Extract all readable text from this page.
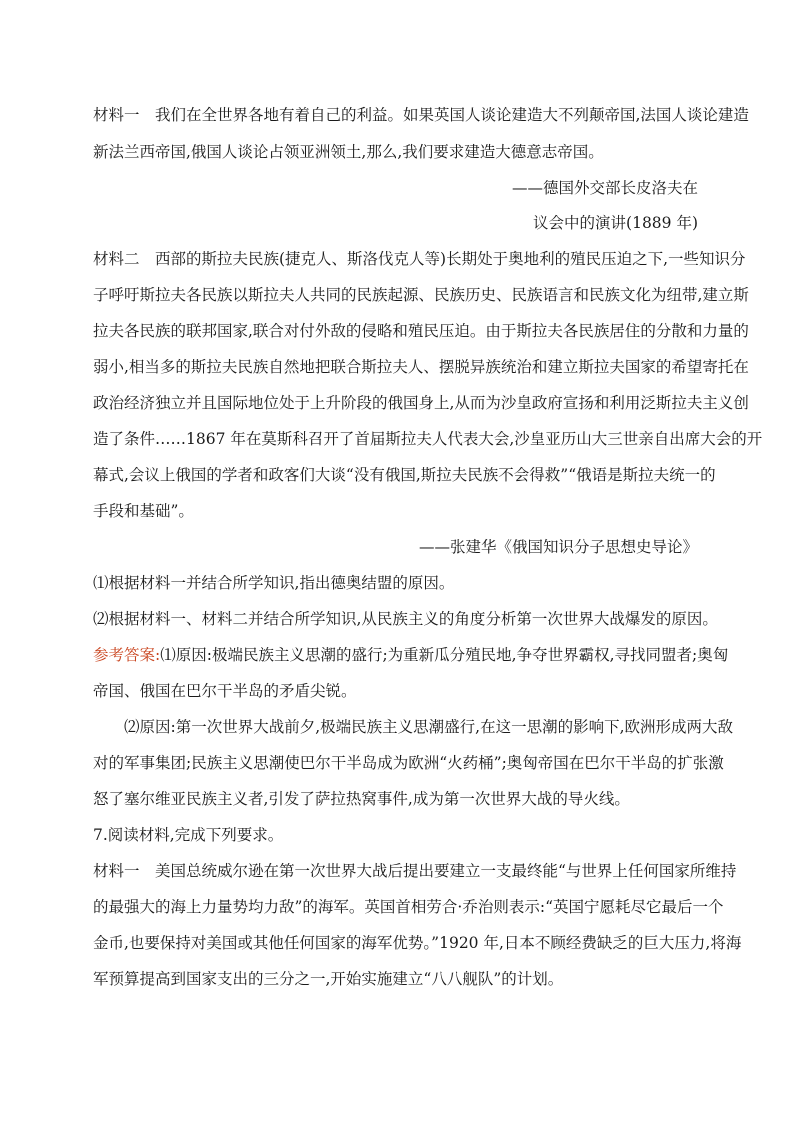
材料一　我们在全世界各地有着自己的利益。如果英国人谈论建造大不列颠帝国,法国人谈论建造
新法兰西帝国,俄国人谈论占领亚洲领土,那么,我们要求建造大德意志帝国。
——德国外交部长皮洛夫在
议会中的演讲(1889 年)
材料二　西部的斯拉夫民族(捷克人、斯洛伐克人等)长期处于奥地利的殖民压迫之下,一些知识分
子呼吁斯拉夫各民族以斯拉夫人共同的民族起源、民族历史、民族语言和民族文化为纽带,建立斯
拉夫各民族的联邦国家,联合对付外敌的侵略和殖民压迫。由于斯拉夫各民族居住的分散和力量的
弱小,相当多的斯拉夫民族自然地把联合斯拉夫人、摆脱异族统治和建立斯拉夫国家的希望寄托在
政治经济独立并且国际地位处于上升阶段的俄国身上,从而为沙皇政府宣扬和利用泛斯拉夫主义创
造了条件……1867 年在莫斯科召开了首届斯拉夫人代表大会,沙皇亚历山大三世亲自出席大会的开
幕式,会议上俄国的学者和政客们大谈“没有俄国,斯拉夫民族不会得救”“俄语是斯拉夫统一的
手段和基础”。
——张建华《俄国知识分子思想史导论》
⑴根据材料一并结合所学知识,指出德奥结盟的原因。
⑵根据材料一、材料二并结合所学知识,从民族主义的角度分析第一次世界大战爆发的原因。
参考答案:⑴原因:极端民族主义思潮的盛行;为重新瓜分殖民地,争夺世界霸权,寻找同盟者;奥匈
帝国、俄国在巴尔干半岛的矛盾尖锐。
⑵原因:第一次世界大战前夕,极端民族主义思潮盛行,在这一思潮的影响下,欧洲形成两大敌
对的军事集团;民族主义思潮使巴尔干半岛成为欧洲“火药桶”;奥匈帝国在巴尔干半岛的扩张激
怒了塞尔维亚民族主义者,引发了萨拉热窝事件,成为第一次世界大战的导火线。
7.阅读材料,完成下列要求。
材料一　美国总统威尔逊在第一次世界大战后提出要建立一支最终能“与世界上任何国家所维持
的最强大的海上力量势均力敌”的海军。英国首相劳合·乔治则表示:“英国宁愿耗尽它最后一个
金币,也要保持对美国或其他任何国家的海军优势。”1920 年,日本不顾经费缺乏的巨大压力,将海
军预算提高到国家支出的三分之一,开始实施建立“八八舰队”的计划。
